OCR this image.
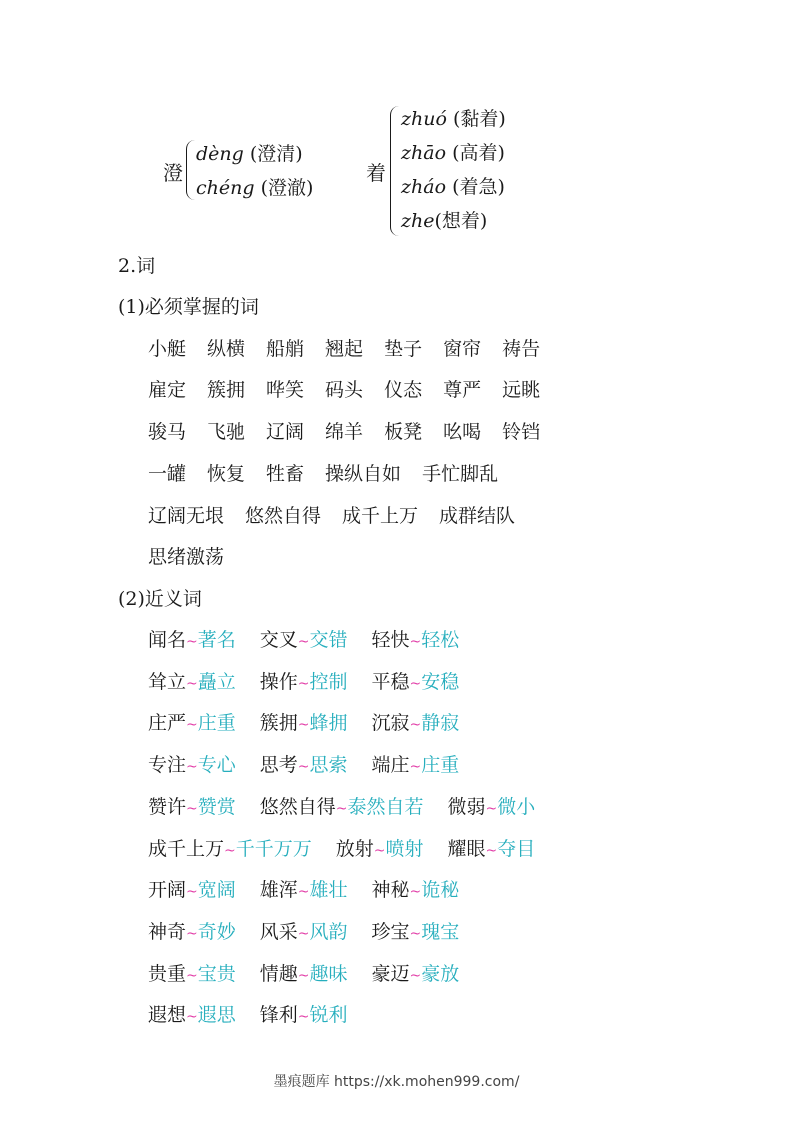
澄
dèng (澄清)
chéng (澄澈)
着
zhuó (黏着)
zhāo (高着)
zháo (着急)
zhe(想着)
2.词
(1)必须掌握的词
小艇 纵横 船艄 翘起 垫子 窗帘 祷告
雇定 簇拥 哗笑 码头 仪态 尊严 远眺
骏马 飞驰 辽阔 绵羊 板凳 吆喝 铃铛
一罐 恢复 牲畜 操纵自如 手忙脚乱
辽阔无垠 悠然自得 成千上万 成群结队
思绪激荡
(2)近义词
闻名~著名 交叉~交错 轻快~轻松
耸立~矗立 操作~控制 平稳~安稳
庄严~庄重 簇拥~蜂拥 沉寂~静寂
专注~专心 思考~思索 端庄~庄重
赞许~赞赏 悠然自得~泰然自若 微弱~微小
成千上万~千千万万 放射~喷射 耀眼~夺目
开阔~宽阔 雄浑~雄壮 神秘~诡秘
神奇~奇妙 风采~风韵 珍宝~瑰宝
贵重~宝贵 情趣~趣味 豪迈~豪放
遐想~遐思 锋利~锐利
墨痕题库 https://xk.mohen999.com/
